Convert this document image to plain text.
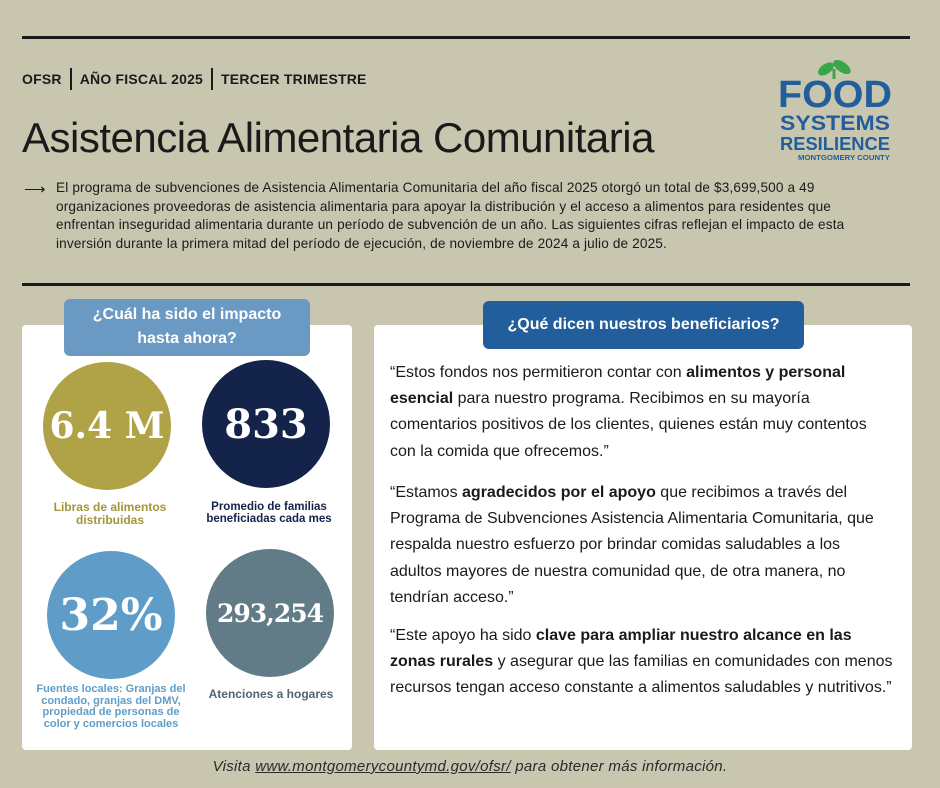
OFSR AÑO FISCAL 2025 TERCER TRIMESTRE
Asistencia Alimentaria Comunitaria
FOOD
SYSTEMS
RESILIENCE
MONTGOMERY COUNTY
⟶ El programa de subvenciones de Asistencia Alimentaria Comunitaria del año fiscal 2025 otorgó un total de $3,699,500 a 49 organizaciones proveedoras de asistencia alimentaria para apoyar la distribución y el acceso a alimentos para residentes que enfrentan inseguridad alimentaria durante un período de subvención de un año. Las siguientes cifras reflejan el impacto de esta inversión durante la primera mitad del período de ejecución, de noviembre de 2024 a julio de 2025.
¿Cuál ha sido el impacto
hasta ahora?
6.4 M
Libras de alimentos distribuidas
833
Promedio de familias beneficiadas cada mes
32%
Fuentes locales: Granjas del condado, granjas del DMV, propiedad de personas de color y comercios locales
293,254
Atenciones a hogares
¿Qué dicen nuestros beneficiarios?
“Estos fondos nos permitieron contar con alimentos y personal esencial para nuestro programa. Recibimos en su mayoría comentarios positivos de los clientes, quienes están muy contentos con la comida que ofrecemos.”
“Estamos agradecidos por el apoyo que recibimos a través del Programa de Subvenciones Asistencia Alimentaria Comunitaria, que respalda nuestro esfuerzo por brindar comidas saludables a los adultos mayores de nuestra comunidad que, de otra manera, no tendrían acceso.”
“Este apoyo ha sido clave para ampliar nuestro alcance en las zonas rurales y asegurar que las familias en comunidades con menos recursos tengan acceso constante a alimentos saludables y nutritivos.”
Visita www.montgomerycountymd.gov/ofsr/ para obtener más información.
